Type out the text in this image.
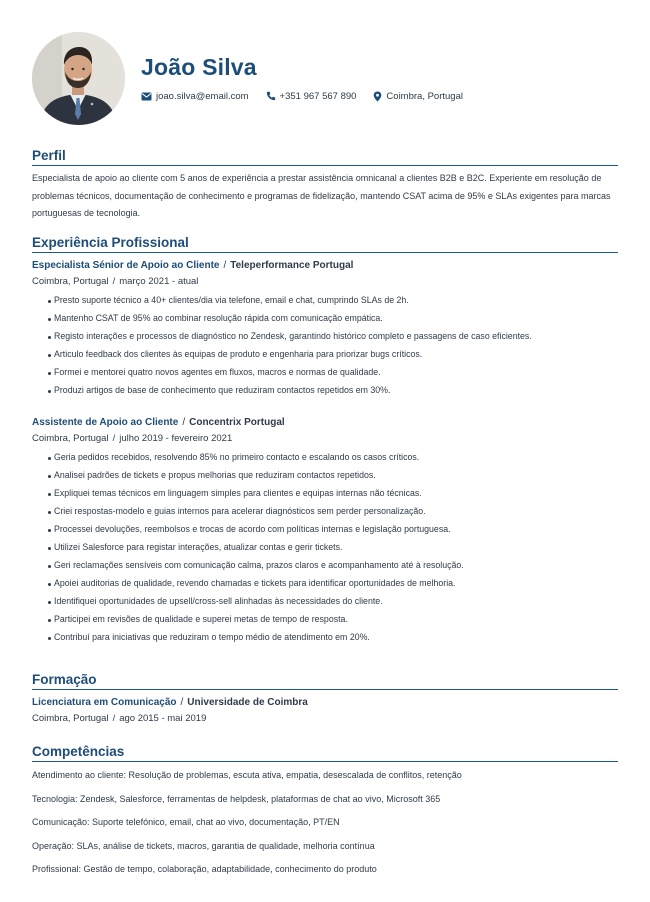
João Silva
joao.silva@email.com	+351 967 567 890	Coimbra, Portugal
Perfil
Especialista de apoio ao cliente com 5 anos de experiência a prestar assistência omnicanal a clientes B2B e B2C. Experiente em resolução de problemas técnicos, documentação de conhecimento e programas de fidelização, mantendo CSAT acima de 95% e SLAs exigentes para marcas portuguesas de tecnologia.
Experiência Profissional
Especialista Sénior de Apoio ao Cliente / Teleperformance Portugal
Coimbra, Portugal / março 2021 - atual
Presto suporte técnico a 40+ clientes/dia via telefone, email e chat, cumprindo SLAs de 2h.
Mantenho CSAT de 95% ao combinar resolução rápida com comunicação empática.
Registo interações e processos de diagnóstico no Zendesk, garantindo histórico completo e passagens de caso eficientes.
Articulo feedback dos clientes às equipas de produto e engenharia para priorizar bugs críticos.
Formei e mentorei quatro novos agentes em fluxos, macros e normas de qualidade.
Produzi artigos de base de conhecimento que reduziram contactos repetidos em 30%.
Assistente de Apoio ao Cliente / Concentrix Portugal
Coimbra, Portugal / julho 2019 - fevereiro 2021
Geria pedidos recebidos, resolvendo 85% no primeiro contacto e escalando os casos críticos.
Analisei padrões de tickets e propus melhorias que reduziram contactos repetidos.
Expliquei temas técnicos em linguagem simples para clientes e equipas internas não técnicas.
Criei respostas-modelo e guias internos para acelerar diagnósticos sem perder personalização.
Processei devoluções, reembolsos e trocas de acordo com políticas internas e legislação portuguesa.
Utilizei Salesforce para registar interações, atualizar contas e gerir tickets.
Geri reclamações sensíveis com comunicação calma, prazos claros e acompanhamento até à resolução.
Apoiei auditorias de qualidade, revendo chamadas e tickets para identificar oportunidades de melhoria.
Identifiquei oportunidades de upsell/cross-sell alinhadas às necessidades do cliente.
Participei em revisões de qualidade e superei metas de tempo de resposta.
Contribuí para iniciativas que reduziram o tempo médio de atendimento em 20%.
Formação
Licenciatura em Comunicação / Universidade de Coimbra
Coimbra, Portugal / ago 2015 - mai 2019
Competências
Atendimento ao cliente: Resolução de problemas, escuta ativa, empatia, desescalada de conflitos, retenção
Tecnologia: Zendesk, Salesforce, ferramentas de helpdesk, plataformas de chat ao vivo, Microsoft 365
Comunicação: Suporte telefónico, email, chat ao vivo, documentação, PT/EN
Operação: SLAs, análise de tickets, macros, garantia de qualidade, melhoria contínua
Profissional: Gestão de tempo, colaboração, adaptabilidade, conhecimento do produto
